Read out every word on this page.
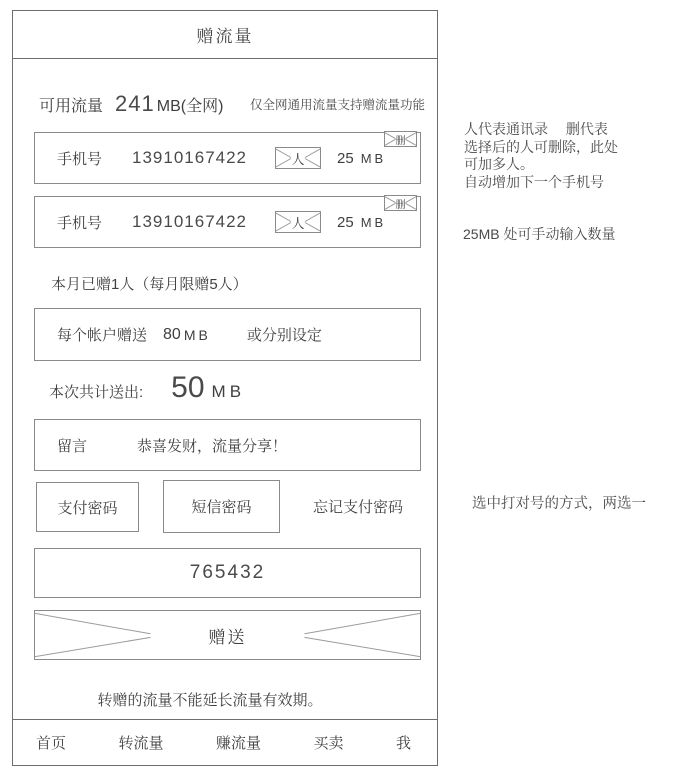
赠流量
可用流量 241 MB(全网) 仅全网通用流量支持赠流量功能
手机号 13910167422	人 25 MB
删
手机号 13910167422	人 25 MB
删
本月已赠1人（每月限赠5人）
每个帐户赠送 80 MB 或分别设定
本次共计送出: 50 MB
留言	恭喜发财，流量分享！
支付密码	短信密码	忘记支付密码
765432
赠送
转赠的流量不能延长流量有效期。
首页	转流量	赚流量	买卖	我
人代表通讯录　 删代表
选择后的人可删除，此处
可加多人。
自动增加下一个手机号
25MB 处可手动输入数量
选中打对号的方式，两选一
